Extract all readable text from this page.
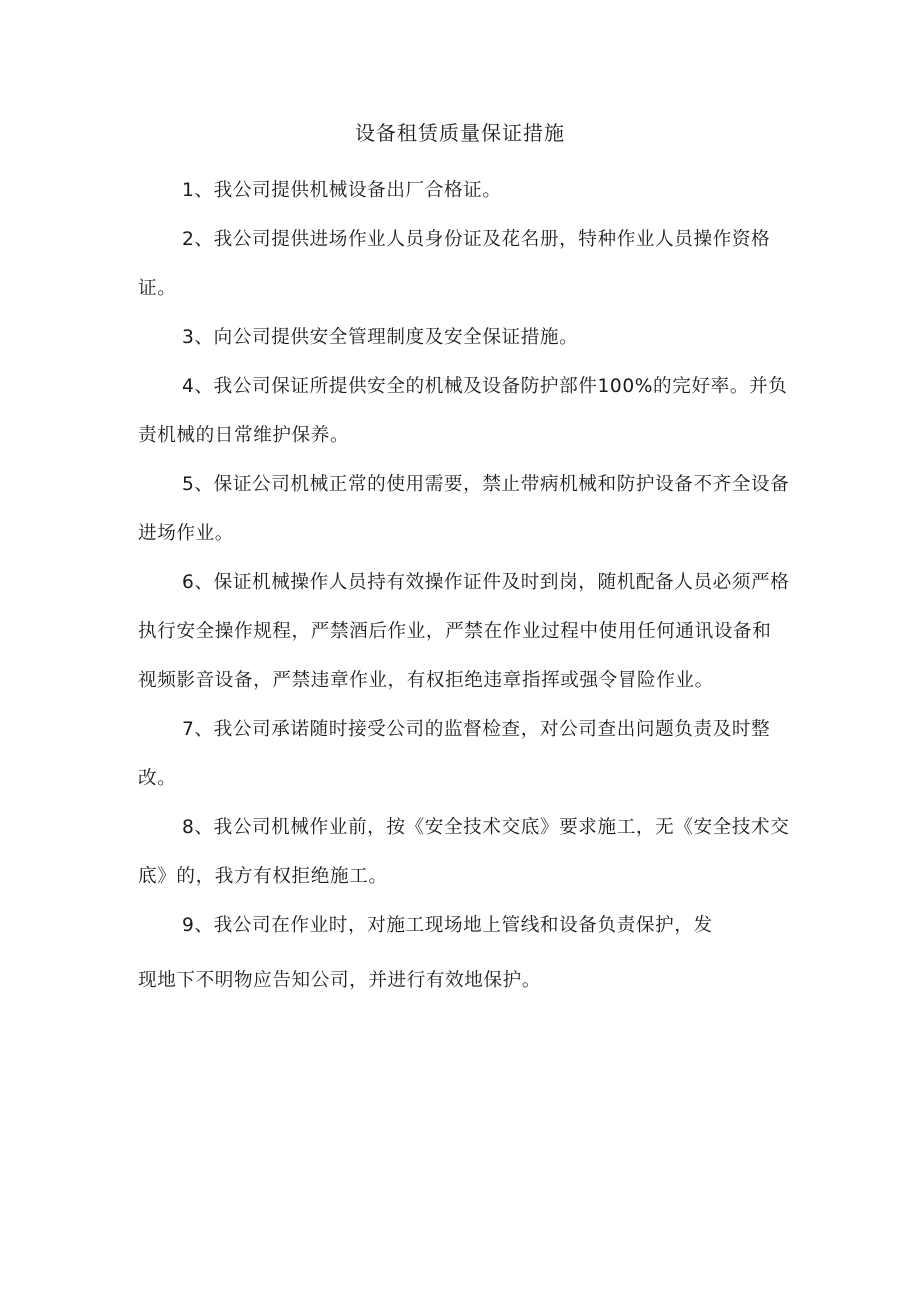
设备租赁质量保证措施

1、我公司提供机械设备出厂合格证。

2、我公司提供进场作业人员身份证及花名册，特种作业人员操作资格证。

3、向公司提供安全管理制度及安全保证措施。

4、我公司保证所提供安全的机械及设备防护部件100%的完好率。并负责机械的日常维护保养。

5、保证公司机械正常的使用需要，禁止带病机械和防护设备不齐全设备进场作业。

6、保证机械操作人员持有效操作证件及时到岗，随机配备人员必须严格执行安全操作规程，严禁酒后作业，严禁在作业过程中使用任何通讯设备和视频影音设备，严禁违章作业，有权拒绝违章指挥或强令冒险作业。

7、我公司承诺随时接受公司的监督检查，对公司查出问题负责及时整改。

8、我公司机械作业前，按《安全技术交底》要求施工，无《安全技术交底》的，我方有权拒绝施工。

9、我公司在作业时，对施工现场地上管线和设备负责保护，发

现地下不明物应告知公司，并进行有效地保护。
